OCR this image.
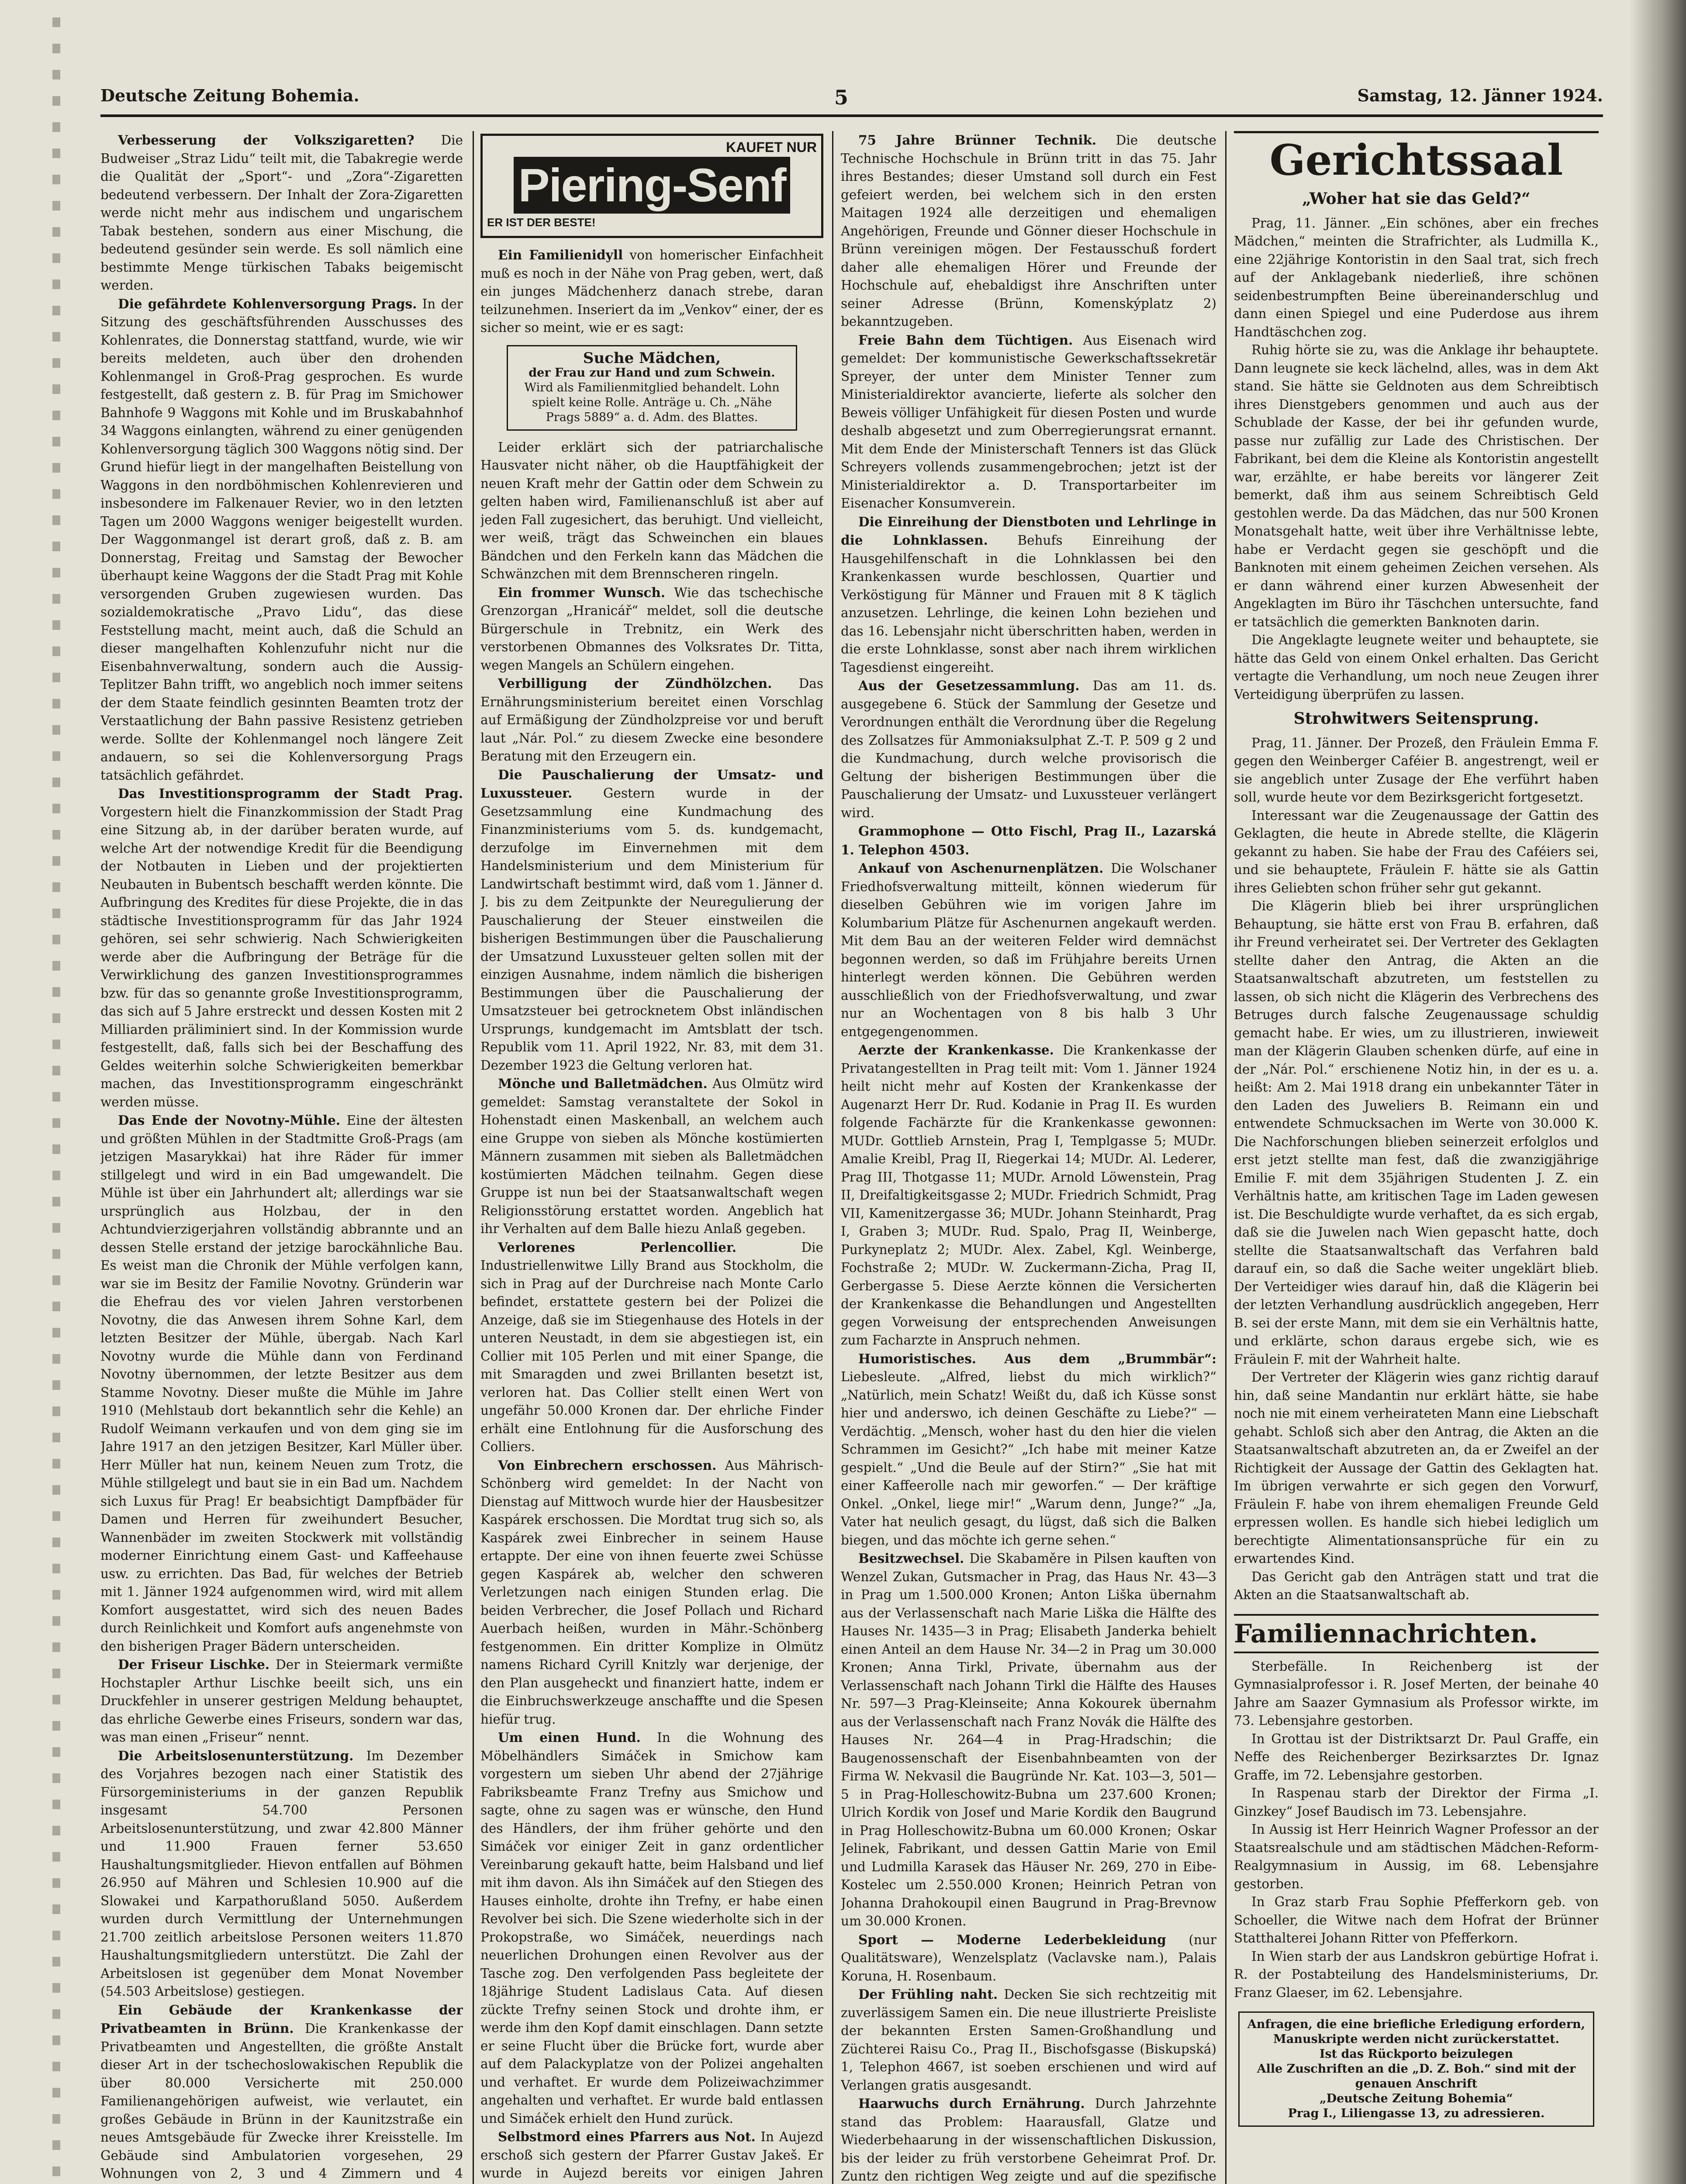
Deutsche Zeitung Bohemia.	5	Samstag, 12. Jänner 1924.

Verbesserung der Volkszigaretten? Die Budweiser „Straz Lidu“ teilt mit, die Tabakregie werde die Qualität der „Sport“- und „Zora“-Zigaretten bedeutend verbessern. Der Inhalt der Zora-Zigaretten werde nicht mehr aus indischem und ungarischem Tabak bestehen, sondern aus einer Mischung, die bedeutend gesünder sein werde. Es soll nämlich eine bestimmte Menge türkischen Tabaks beigemischt werden.

Die gefährdete Kohlenversorgung Prags. In der Sitzung des geschäftsführenden Ausschusses des Kohlenrates, die Donnerstag stattfand, wurde, wie wir bereits meldeten, auch über den drohenden Kohlenmangel in Groß-Prag gesprochen. Es wurde festgestellt, daß gestern z. B. für Prag im Smichower Bahnhofe 9 Waggons mit Kohle und im Bruskabahnhof 34 Waggons einlangten, während zu einer genügenden Kohlenversorgung täglich 300 Waggons nötig sind. Der Grund hiefür liegt in der mangelhaften Beistellung von Waggons in den nordböhmischen Kohlenrevieren und insbesondere im Falkenauer Revier, wo in den letzten Tagen um 2000 Waggons weniger beigestellt wurden. Der Waggonmangel ist derart groß, daß z. B. am Donnerstag, Freitag und Samstag der Bewocher überhaupt keine Waggons der die Stadt Prag mit Kohle versorgenden Gruben zugewiesen wurden. Das sozialdemokratische „Pravo Lidu“, das diese Feststellung macht, meint auch, daß die Schuld an dieser mangelhaften Kohlenzufuhr nicht nur die Eisenbahnverwaltung, sondern auch die Aussig-Teplitzer Bahn trifft, wo angeblich noch immer seitens der dem Staate feindlich gesinnten Beamten trotz der Verstaatlichung der Bahn passive Resistenz getrieben werde. Sollte der Kohlenmangel noch längere Zeit andauern, so sei die Kohlenversorgung Prags tatsächlich gefährdet.

Das Investitionsprogramm der Stadt Prag. Vorgestern hielt die Finanzkommission der Stadt Prag eine Sitzung ab, in der darüber beraten wurde, auf welche Art der notwendige Kredit für die Beendigung der Notbauten in Lieben und der projektierten Neubauten in Bubentsch beschafft werden könnte. Die Aufbringung des Kredites für diese Projekte, die in das städtische Investitionsprogramm für das Jahr 1924 gehören, sei sehr schwierig. Nach Schwierigkeiten werde aber die Aufbringung der Beträge für die Verwirklichung des ganzen Investitionsprogrammes bzw. für das so genannte große Investitionsprogramm, das sich auf 5 Jahre erstreckt und dessen Kosten mit 2 Milliarden präliminiert sind. In der Kommission wurde festgestellt, daß, falls sich bei der Beschaffung des Geldes weiterhin solche Schwierigkeiten bemerkbar machen, das Investitionsprogramm eingeschränkt werden müsse.

Das Ende der Novotny-Mühle. Eine der ältesten und größten Mühlen in der Stadtmitte Groß-Prags (am jetzigen Masarykkai) hat ihre Räder für immer stillgelegt und wird in ein Bad umgewandelt. Die Mühle ist über ein Jahrhundert alt; allerdings war sie ursprünglich aus Holzbau, der in den Achtundvierzigerjahren vollständig abbrannte und an dessen Stelle erstand der jetzige barockähnliche Bau. Es weist man die Chronik der Mühle verfolgen kann, war sie im Besitz der Familie Novotny. Gründerin war die Ehefrau des vor vielen Jahren verstorbenen Novotny, die das Anwesen ihrem Sohne Karl, dem letzten Besitzer der Mühle, übergab. Nach Karl Novotny wurde die Mühle dann von Ferdinand Novotny übernommen, der letzte Besitzer aus dem Stamme Novotny. Dieser mußte die Mühle im Jahre 1910 (Mehlstaub dort bekanntlich sehr die Kehle) an Rudolf Weimann verkaufen und von dem ging sie im Jahre 1917 an den jetzigen Besitzer, Karl Müller über. Herr Müller hat nun, keinem Neuen zum Trotz, die Mühle stillgelegt und baut sie in ein Bad um. Nachdem sich Luxus für Prag! Er beabsichtigt Dampfbäder für Damen und Herren für zweihundert Besucher, Wannenbäder im zweiten Stockwerk mit vollständig moderner Einrichtung einem Gast- und Kaffeehause usw. zu errichten. Das Bad, für welches der Betrieb mit 1. Jänner 1924 aufgenommen wird, wird mit allem Komfort ausgestattet, wird sich des neuen Bades durch Reinlichkeit und Komfort aufs angenehmste von den bisherigen Prager Bädern unterscheiden.

Der Friseur Lischke. Der in Steiermark vermißte Hochstapler Arthur Lischke beeilt sich, uns ein Druckfehler in unserer gestrigen Meldung behauptet, das ehrliche Gewerbe eines Friseurs, sondern war das, was man einen „Friseur“ nennt.

Die Arbeitslosenunterstützung. Im Dezember des Vorjahres bezogen nach einer Statistik des Fürsorgeministeriums in der ganzen Republik insgesamt 54.700 Personen Arbeitslosenunterstützung, und zwar 42.800 Männer und 11.900 Frauen ferner 53.650 Haushaltungsmitglieder. Hievon entfallen auf Böhmen 26.950 auf Mähren und Schlesien 10.900 auf die Slowakei und Karpathorußland 5050. Außerdem wurden durch Vermittlung der Unternehmungen 21.700 zeitlich arbeitslose Personen weiters 11.870 Haushaltungsmitgliedern unterstützt. Die Zahl der Arbeitslosen ist gegenüber dem Monat November (54.503 Arbeitslose) gestiegen.

Ein Gebäude der Krankenkasse der Privatbeamten in Brünn. Die Krankenkasse der Privatbeamten und Angestellten, die größte Anstalt dieser Art in der tschechoslowakischen Republik die über 80.000 Versicherte mit 250.000 Familienangehörigen aufweist, wie verlautet, ein großes Gebäude in Brünn in der Kaunitzstraße ein neues Amtsgebäude für Zwecke ihrer Kreisstelle. Im Gebäude sind Ambulatorien vorgesehen, 29 Wohnungen von 2, 3 und 4 Zimmern und 4

KAUFET NUR
Piering-Senf
ER IST DER BESTE!

Ein Familienidyll von homerischer Einfachheit muß es noch in der Nähe von Prag geben, wert, daß ein junges Mädchenherz danach strebe, daran teilzunehmen. Inseriert da im „Venkov“ einer, der es sicher so meint, wie er es sagt:

Suche Mädchen,
der Frau zur Hand und zum Schwein.
Wird als Familienmitglied behandelt. Lohn spielt keine Rolle. Anträge u. Ch. „Nähe Prags 5889“ a. d. Adm. des Blattes.

Leider erklärt sich der patriarchalische Hausvater nicht näher, ob die Hauptfähigkeit der neuen Kraft mehr der Gattin oder dem Schwein zu gelten haben wird, Familienanschluß ist aber auf jeden Fall zugesichert, das beruhigt. Und vielleicht, wer weiß, trägt das Schweinchen ein blaues Bändchen und den Ferkeln kann das Mädchen die Schwänzchen mit dem Brennscheren ringeln.

Ein frommer Wunsch. Wie das tschechische Grenzorgan „Hranicář“ meldet, soll die deutsche Bürgerschule in Trebnitz, ein Werk des verstorbenen Obmannes des Volksrates Dr. Titta, wegen Mangels an Schülern eingehen.

Verbilligung der Zündhölzchen. Das Ernährungsministerium bereitet einen Vorschlag auf Ermäßigung der Zündholzpreise vor und beruft laut „Nár. Pol.“ zu diesem Zwecke eine besondere Beratung mit den Erzeugern ein.

Die Pauschalierung der Umsatz- und Luxussteuer. Gestern wurde in der Gesetzsammlung eine Kundmachung des Finanzministeriums vom 5. ds. kundgemacht, derzufolge im Einvernehmen mit dem Handelsministerium und dem Ministerium für Landwirtschaft bestimmt wird, daß vom 1. Jänner d. J. bis zu dem Zeitpunkte der Neuregulierung der Pauschalierung der Steuer einstweilen die bisherigen Bestimmungen über die Pauschalierung der Umsatzund Luxussteuer gelten sollen mit der einzigen Ausnahme, indem nämlich die bisherigen Bestimmungen über die Pauschalierung der Umsatzsteuer bei getrocknetem Obst inländischen Ursprungs, kundgemacht im Amtsblatt der tsch. Republik vom 11. April 1922, Nr. 83, mit dem 31. Dezember 1923 die Geltung verloren hat.

Mönche und Balletmädchen. Aus Olmütz wird gemeldet: Samstag veranstaltete der Sokol in Hohenstadt einen Maskenball, an welchem auch eine Gruppe von sieben als Mönche kostümierten Männern zusammen mit sieben als Balletmädchen kostümierten Mädchen teilnahm. Gegen diese Gruppe ist nun bei der Staatsanwaltschaft wegen Religionsstörung erstattet worden. Angeblich hat ihr Verhalten auf dem Balle hiezu Anlaß gegeben.

Verlorenes Perlencollier. Die Industriellenwitwe Lilly Brand aus Stockholm, die sich in Prag auf der Durchreise nach Monte Carlo befindet, erstattete gestern bei der Polizei die Anzeige, daß sie im Stiegenhause des Hotels in der unteren Neustadt, in dem sie abgestiegen ist, ein Collier mit 105 Perlen und mit einer Spange, die mit Smaragden und zwei Brillanten besetzt ist, verloren hat. Das Collier stellt einen Wert von ungefähr 50.000 Kronen dar. Der ehrliche Finder erhält eine Entlohnung für die Ausforschung des Colliers.

Von Einbrechern erschossen. Aus Mährisch-Schönberg wird gemeldet: In der Nacht von Dienstag auf Mittwoch wurde hier der Hausbesitzer Kaspárek erschossen. Die Mordtat trug sich so, als Kaspárek zwei Einbrecher in seinem Hause ertappte. Der eine von ihnen feuerte zwei Schüsse gegen Kaspárek ab, welcher den schweren Verletzungen nach einigen Stunden erlag. Die beiden Verbrecher, die Josef Pollach und Richard Auerbach heißen, wurden in Mähr.-Schönberg festgenommen. Ein dritter Komplize in Olmütz namens Richard Cyrill Knitzly war derjenige, der den Plan ausgeheckt und finanziert hatte, indem er die Einbruchswerkzeuge anschaffte und die Spesen hiefür trug.

Um einen Hund. In die Wohnung des Möbelhändlers Simáček in Smichow kam vorgestern um sieben Uhr abend der 27jährige Fabriksbeamte Franz Trefny aus Smichow und sagte, ohne zu sagen was er wünsche, den Hund des Händlers, der ihm früher gehörte und den Simáček vor einiger Zeit in ganz ordentlicher Vereinbarung gekauft hatte, beim Halsband und lief mit ihm davon. Als ihn Simáček auf den Stiegen des Hauses einholte, drohte ihn Trefny, er habe einen Revolver bei sich. Die Szene wiederholte sich in der Prokopstraße, wo Simáček, neuerdings nach neuerlichen Drohungen einen Revolver aus der Tasche zog. Den verfolgenden Pass begleitete der 18jährige Student Ladislaus Cata. Auf diesen zückte Trefny seinen Stock und drohte ihm, er werde ihm den Kopf damit einschlagen. Dann setzte er seine Flucht über die Brücke fort, wurde aber auf dem Palackyplatze von der Polizei angehalten und verhaftet. Er wurde dem Polizeiwachzimmer angehalten und verhaftet. Er wurde bald entlassen und Simáček erhielt den Hund zurück.

Selbstmord eines Pfarrers aus Not. In Aujezd erschoß sich gestern der Pfarrer Gustav Jakeš. Er wurde in Aujezd bereits vor einigen Jahren

75 Jahre Brünner Technik. Die deutsche Technische Hochschule in Brünn tritt in das 75. Jahr ihres Bestandes; dieser Umstand soll durch ein Fest gefeiert werden, bei welchem sich in den ersten Maitagen 1924 alle derzeitigen und ehemaligen Angehörigen, Freunde und Gönner dieser Hochschule in Brünn vereinigen mögen. Der Festausschuß fordert daher alle ehemaligen Hörer und Freunde der Hochschule auf, ehebaldigst ihre Anschriften unter seiner Adresse (Brünn, Komenskýplatz 2) bekanntzugeben.

Freie Bahn dem Tüchtigen. Aus Eisenach wird gemeldet: Der kommunistische Gewerkschaftssekretär Spreyer, der unter dem Minister Tenner zum Ministerialdirektor avancierte, lieferte als solcher den Beweis völliger Unfähigkeit für diesen Posten und wurde deshalb abgesetzt und zum Oberregierungsrat ernannt. Mit dem Ende der Ministerschaft Tenners ist das Glück Schreyers vollends zusammengebrochen; jetzt ist der Ministerialdirektor a. D. Transportarbeiter im Eisenacher Konsumverein.

Die Einreihung der Dienstboten und Lehrlinge in die Lohnklassen. Behufs Einreihung der Hausgehilfenschaft in die Lohnklassen bei den Krankenkassen wurde beschlossen, Quartier und Verköstigung für Männer und Frauen mit 8 K täglich anzusetzen. Lehrlinge, die keinen Lohn beziehen und das 16. Lebensjahr nicht überschritten haben, werden in die erste Lohnklasse, sonst aber nach ihrem wirklichen Tagesdienst eingereiht.

Aus der Gesetzessammlung. Das am 11. ds. ausgegebene 6. Stück der Sammlung der Gesetze und Verordnungen enthält die Verordnung über die Regelung des Zollsatzes für Ammoniaksulphat Z.-T. P. 509 g 2 und die Kundmachung, durch welche provisorisch die Geltung der bisherigen Bestimmungen über die Pauschalierung der Umsatz- und Luxussteuer verlängert wird.

Grammophone — Otto Fischl, Prag II., Lazarská 1. Telephon 4503.

Ankauf von Aschenurnenplätzen. Die Wolschaner Friedhofsverwaltung mitteilt, können wiederum für dieselben Gebühren wie im vorigen Jahre im Kolumbarium Plätze für Aschenurnen angekauft werden. Mit dem Bau an der weiteren Felder wird demnächst begonnen werden, so daß im Frühjahre bereits Urnen hinterlegt werden können. Die Gebühren werden ausschließlich von der Friedhofsverwaltung, und zwar nur an Wochentagen von 8 bis halb 3 Uhr entgegengenommen.

Aerzte der Krankenkasse. Die Krankenkasse der Privatangestellten in Prag teilt mit: Vom 1. Jänner 1924 heilt nicht mehr auf Kosten der Krankenkasse der Augenarzt Herr Dr. Rud. Kodanie in Prag II. Es wurden folgende Fachärzte für die Krankenkasse gewonnen: MUDr. Gottlieb Arnstein, Prag I, Templgasse 5; MUDr. Amalie Kreibl, Prag II, Riegerkai 14; MUDr. Al. Lederer, Prag III, Thotgasse 11; MUDr. Arnold Löwenstein, Prag II, Dreifaltigkeitsgasse 2; MUDr. Friedrich Schmidt, Prag VII, Kamenitzergasse 36; MUDr. Johann Steinhardt, Prag I, Graben 3; MUDr. Rud. Spalo, Prag II, Weinberge, Purkyneplatz 2; MUDr. Alex. Zabel, Kgl. Weinberge, Fochstraße 2; MUDr. W. Zuckermann-Zicha, Prag II, Gerbergasse 5. Diese Aerzte können die Versicherten der Krankenkasse die Behandlungen und Angestellten gegen Vorweisung der entsprechenden Anweisungen zum Facharzte in Anspruch nehmen.

Humoristisches. Aus dem „Brummbär“: Liebesleute. „Alfred, liebst du mich wirklich?“ „Natürlich, mein Schatz! Weißt du, daß ich Küsse sonst hier und anderswo, ich deinen Geschäfte zu Liebe?“ — Verdächtig. „Mensch, woher hast du den hier die vielen Schrammen im Gesicht?“ „Ich habe mit meiner Katze gespielt.“ „Und die Beule auf der Stirn?“ „Sie hat mit einer Kaffeerolle nach mir geworfen.“ — Der kräftige Onkel. „Onkel, liege mir!“ „Warum denn, Junge?“ „Ja, Vater hat neulich gesagt, du lügst, daß sich die Balken biegen, und das möchte ich gerne sehen.“

Besitzwechsel. Die Skabaměre in Pilsen kauften von Wenzel Zukan, Gutsmacher in Prag, das Haus Nr. 43—3 in Prag um 1.500.000 Kronen; Anton Liška übernahm aus der Verlassenschaft nach Marie Liška die Hälfte des Hauses Nr. 1435—3 in Prag; Elisabeth Janderka behielt einen Anteil an dem Hause Nr. 34—2 in Prag um 30.000 Kronen; Anna Tirkl, Private, übernahm aus der Verlassenschaft nach Johann Tirkl die Hälfte des Hauses Nr. 597—3 Prag-Kleinseite; Anna Kokourek übernahm aus der Verlassenschaft nach Franz Novák die Hälfte des Hauses Nr. 264—4 in Prag-Hradschin; die Baugenossenschaft der Eisenbahnbeamten von der Firma W. Nekvasil die Baugründe Nr. Kat. 103—3, 501—5 in Prag-Holleschowitz-Bubna um 237.600 Kronen; Ulrich Kordik von Josef und Marie Kordik den Baugrund in Prag Holleschowitz-Bubna um 60.000 Kronen; Oskar Jelinek, Fabrikant, und dessen Gattin Marie von Emil und Ludmilla Karasek das Häuser Nr. 269, 270 in Eibe-Kostelec um 2.550.000 Kronen; Heinrich Petran von Johanna Drahokoupil einen Baugrund in Prag-Brevnow um 30.000 Kronen.

Sport — Moderne Lederbekleidung (nur Qualitätsware), Wenzelsplatz (Vaclavske nam.), Palais Koruna, H. Rosenbaum.

Der Frühling naht. Decken Sie sich rechtzeitig mit zuverlässigem Samen ein. Die neue illustrierte Preisliste der bekannten Ersten Samen-Großhandlung und Züchterei Raisu Co., Prag II., Bischofsgasse (Biskupská) 1, Telephon 4667, ist soeben erschienen und wird auf Verlangen gratis ausgesandt.

Haarwuchs durch Ernährung. Durch Jahrzehnte stand das Problem: Haarausfall, Glatze und Wiederbehaarung in der wissenschaftlichen Diskussion, bis der leider zu früh verstorbene Geheimrat Prof. Dr. Zuntz den richtigen Weg zeigte und auf die spezifische

Gerichtssaal
„Woher hat sie das Geld?“

Prag, 11. Jänner. „Ein schönes, aber ein freches Mädchen,“ meinten die Strafrichter, als Ludmilla K., eine 22jährige Kontoristin in den Saal trat, sich frech auf der Anklagebank niederließ, ihre schönen seidenbestrumpften Beine übereinanderschlug und dann einen Spiegel und eine Puderdose aus ihrem Handtäschchen zog.

Ruhig hörte sie zu, was die Anklage ihr behauptete. Dann leugnete sie keck lächelnd, alles, was in dem Akt stand. Sie hätte sie Geldnoten aus dem Schreibtisch ihres Dienstgebers genommen und auch aus der Schublade der Kasse, der bei ihr gefunden wurde, passe nur zufällig zur Lade des Christischen. Der Fabrikant, bei dem die Kleine als Kontoristin angestellt war, erzählte, er habe bereits vor längerer Zeit bemerkt, daß ihm aus seinem Schreibtisch Geld gestohlen werde. Da das Mädchen, das nur 500 Kronen Monatsgehalt hatte, weit über ihre Verhältnisse lebte, habe er Verdacht gegen sie geschöpft und die Banknoten mit einem geheimen Zeichen versehen. Als er dann während einer kurzen Abwesenheit der Angeklagten im Büro ihr Täschchen untersuchte, fand er tatsächlich die gemerkten Banknoten darin.

Die Angeklagte leugnete weiter und behauptete, sie hätte das Geld von einem Onkel erhalten. Das Gericht vertagte die Verhandlung, um noch neue Zeugen ihrer Verteidigung überprüfen zu lassen.

Strohwitwers Seitensprung.

Prag, 11. Jänner. Der Prozeß, den Fräulein Emma F. gegen den Weinberger Caféier B. angestrengt, weil er sie angeblich unter Zusage der Ehe verführt haben soll, wurde heute vor dem Bezirksgericht fortgesetzt.

Interessant war die Zeugenaussage der Gattin des Geklagten, die heute in Abrede stellte, die Klägerin gekannt zu haben. Sie habe der Frau des Caféiers sei, und sie behauptete, Fräulein F. hätte sie als Gattin ihres Geliebten schon früher sehr gut gekannt.

Die Klägerin blieb bei ihrer ursprünglichen Behauptung, sie hätte erst von Frau B. erfahren, daß ihr Freund verheiratet sei. Der Vertreter des Geklagten stellte daher den Antrag, die Akten an die Staatsanwaltschaft abzutreten, um feststellen zu lassen, ob sich nicht die Klägerin des Verbrechens des Betruges durch falsche Zeugenaussage schuldig gemacht habe. Er wies, um zu illustrieren, inwieweit man der Klägerin Glauben schenken dürfe, auf eine in der „Nár. Pol.“ erschienene Notiz hin, in der es u. a. heißt: Am 2. Mai 1918 drang ein unbekannter Täter in den Laden des Juweliers B. Reimann ein und entwendete Schmucksachen im Werte von 30.000 K. Die Nachforschungen blieben seinerzeit erfolglos und erst jetzt stellte man fest, daß die zwanzigjährige Emilie F. mit dem 35jährigen Studenten J. Z. ein Verhältnis hatte, am kritischen Tage im Laden gewesen ist. Die Beschuldigte wurde verhaftet, da es sich ergab, daß sie die Juwelen nach Wien gepascht hatte, doch stellte die Staatsanwaltschaft das Verfahren bald darauf ein, so daß die Sache weiter ungeklärt blieb. Der Verteidiger wies darauf hin, daß die Klägerin bei der letzten Verhandlung ausdrücklich angegeben, Herr B. sei der erste Mann, mit dem sie ein Verhältnis hatte, und erklärte, schon daraus ergebe sich, wie es Fräulein F. mit der Wahrheit halte.

Der Vertreter der Klägerin wies ganz richtig darauf hin, daß seine Mandantin nur erklärt hätte, sie habe noch nie mit einem verheirateten Mann eine Liebschaft gehabt. Schloß sich aber den Antrag, die Akten an die Staatsanwaltschaft abzutreten an, da er Zweifel an der Richtigkeit der Aussage der Gattin des Geklagten hat. Im übrigen verwahrte er sich gegen den Vorwurf, Fräulein F. habe von ihrem ehemaligen Freunde Geld erpressen wollen. Es handle sich hiebei lediglich um berechtigte Alimentationsansprüche für ein zu erwartendes Kind.

Das Gericht gab den Anträgen statt und trat die Akten an die Staatsanwaltschaft ab.

Familiennachrichten.

Sterbefälle. In Reichenberg ist der Gymnasialprofessor i. R. Josef Merten, der beinahe 40 Jahre am Saazer Gymnasium als Professor wirkte, im 73. Lebensjahre gestorben.

In Grottau ist der Distriktsarzt Dr. Paul Graffe, ein Neffe des Reichenberger Bezirksarztes Dr. Ignaz Graffe, im 72. Lebensjahre gestorben.

In Raspenau starb der Direktor der Firma „I. Ginzkey“ Josef Baudisch im 73. Lebensjahre.

In Aussig ist Herr Heinrich Wagner Professor an der Staatsrealschule und am städtischen Mädchen-Reform-Realgymnasium in Aussig, im 68. Lebensjahre gestorben.

In Graz starb Frau Sophie Pfefferkorn geb. von Schoeller, die Witwe nach dem Hofrat der Brünner Statthalterei Johann Ritter von Pfefferkorn.

In Wien starb der aus Landskron gebürtige Hofrat i. R. der Postabteilung des Handelsministeriums, Dr. Franz Glaeser, im 62. Lebensjahre.

Anfragen, die eine briefliche Erledigung erfordern,
Manuskripte werden nicht zurückerstattet.
Ist das Rückporto beizulegen
Alle Zuschriften an die „D. Z. Boh.“ sind mit der genauen Anschrift
„Deutsche Zeitung Bohemia“
Prag I., Liliengasse 13, zu adressieren.
